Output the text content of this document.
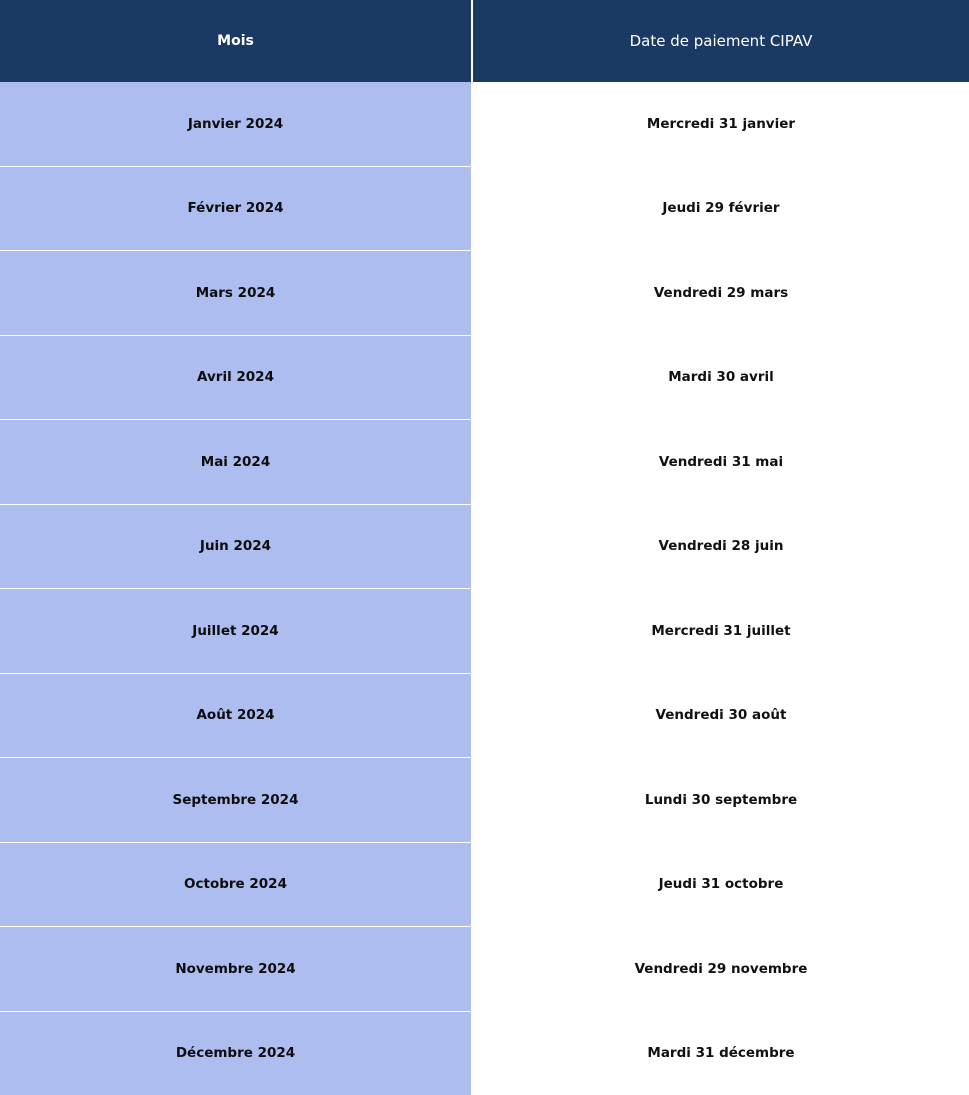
Mois	Date de paiement CIPAV
Janvier 2024	Mercredi 31 janvier
Février 2024	Jeudi 29 février
Mars 2024	Vendredi 29 mars
Avril 2024	Mardi 30 avril
Mai 2024	Vendredi 31 mai
Juin 2024	Vendredi 28 juin
Juillet 2024	Mercredi 31 juillet
Août 2024	Vendredi 30 août
Septembre 2024	Lundi 30 septembre
Octobre 2024	Jeudi 31 octobre
Novembre 2024	Vendredi 29 novembre
Décembre 2024	Mardi 31 décembre
